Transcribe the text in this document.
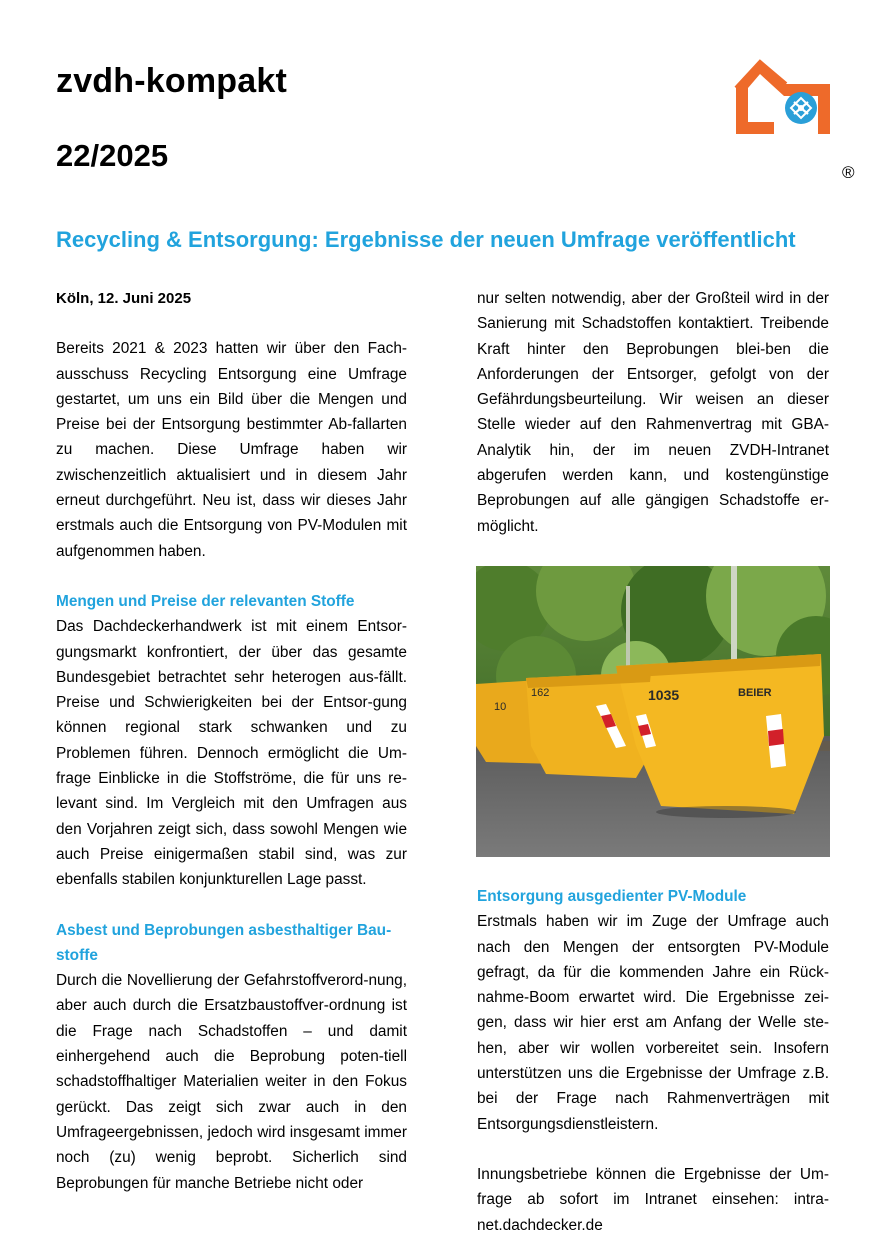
zvdh-kompakt
22/2025	®
Recycling & Entsorgung: Ergebnisse der neuen Umfrage veröffentlicht
Köln, 12. Juni 2025

Bereits 2021 & 2023 hatten wir über den Fach-ausschuss Recycling Entsorgung eine Umfrage gestartet, um uns ein Bild über die Mengen und Preise bei der Entsorgung bestimmter Ab-fallarten zu machen. Diese Umfrage haben wir zwischenzeitlich aktualisiert und in diesem Jahr erneut durchgeführt. Neu ist, dass wir dieses Jahr erstmals auch die Entsorgung von PV-Modulen mit aufgenommen haben.

Mengen und Preise der relevanten Stoffe

Das Dachdeckerhandwerk ist mit einem Entsor-gungsmarkt konfrontiert, der über das gesamte Bundesgebiet betrachtet sehr heterogen aus-fällt. Preise und Schwierigkeiten bei der Entsor-gung können regional stark schwanken und zu Problemen führen. Dennoch ermöglicht die Um-frage Einblicke in die Stoffströme, die für uns re-levant sind. Im Vergleich mit den Umfragen aus den Vorjahren zeigt sich, dass sowohl Mengen wie auch Preise einigermaßen stabil sind, was zur ebenfalls stabilen konjunkturellen Lage passt.

Asbest und Beprobungen asbesthaltiger Bau-stoffe

Durch die Novellierung der Gefahrstoffverord-nung, aber auch durch die Ersatzbaustoffver-ordnung ist die Frage nach Schadstoffen – und damit einhergehend auch die Beprobung poten-tiell schadstoffhaltiger Materialien weiter in den Fokus gerückt. Das zeigt sich zwar auch in den Umfrageergebnissen, jedoch wird insgesamt immer noch (zu) wenig beprobt. Sicherlich sind Beprobungen für manche Betriebe nicht oder

nur selten notwendig, aber der Großteil wird in der Sanierung mit Schadstoffen kontaktiert. Treibende Kraft hinter den Beprobungen blei-ben die Anforderungen der Entsorger, gefolgt von der Gefährdungsbeurteilung. Wir weisen an dieser Stelle wieder auf den Rahmenvertrag mit GBA-Analytik hin, der im neuen ZVDH-Intranet abgerufen werden kann, und kostengünstige Beprobungen auf alle gängigen Schadstoffe er-möglicht.

10
162	1035	BEIER
Entsorgung ausgedienter PV-Module

Erstmals haben wir im Zuge der Umfrage auch nach den Mengen der entsorgten PV-Module gefragt, da für die kommenden Jahre ein Rück-nahme-Boom erwartet wird. Die Ergebnisse zei-gen, dass wir hier erst am Anfang der Welle ste-hen, aber wir wollen vorbereitet sein. Insofern unterstützen uns die Ergebnisse der Umfrage z.B. bei der Frage nach Rahmenverträgen mit Entsorgungsdienstleistern.

Innungsbetriebe können die Ergebnisse der Um-frage ab sofort im Intranet einsehen: intra-net.dachdecker.de
